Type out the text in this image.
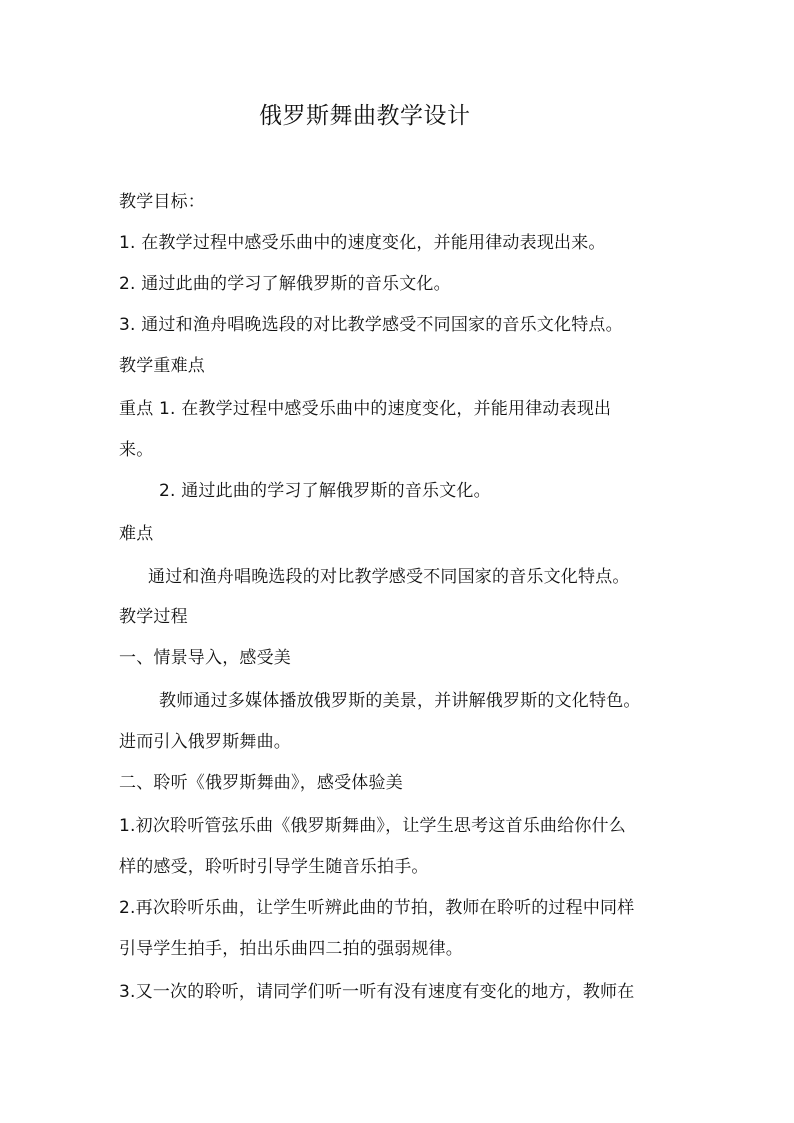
俄罗斯舞曲教学设计
教学目标：
1. 在教学过程中感受乐曲中的速度变化，并能用律动表现出来。
2. 通过此曲的学习了解俄罗斯的音乐文化。
3. 通过和渔舟唱晚选段的对比教学感受不同国家的音乐文化特点。
教学重难点
重点 1. 在教学过程中感受乐曲中的速度变化，并能用律动表现出
来。
2. 通过此曲的学习了解俄罗斯的音乐文化。
难点
通过和渔舟唱晚选段的对比教学感受不同国家的音乐文化特点。
教学过程
一、情景导入，感受美
教师通过多媒体播放俄罗斯的美景，并讲解俄罗斯的文化特色。
进而引入俄罗斯舞曲。
二、聆听《俄罗斯舞曲》，感受体验美
1.初次聆听管弦乐曲《俄罗斯舞曲》，让学生思考这首乐曲给你什么
样的感受，聆听时引导学生随音乐拍手。
2.再次聆听乐曲，让学生听辨此曲的节拍，教师在聆听的过程中同样
引导学生拍手，拍出乐曲四二拍的强弱规律。
3.又一次的聆听，请同学们听一听有没有速度有变化的地方，教师在
